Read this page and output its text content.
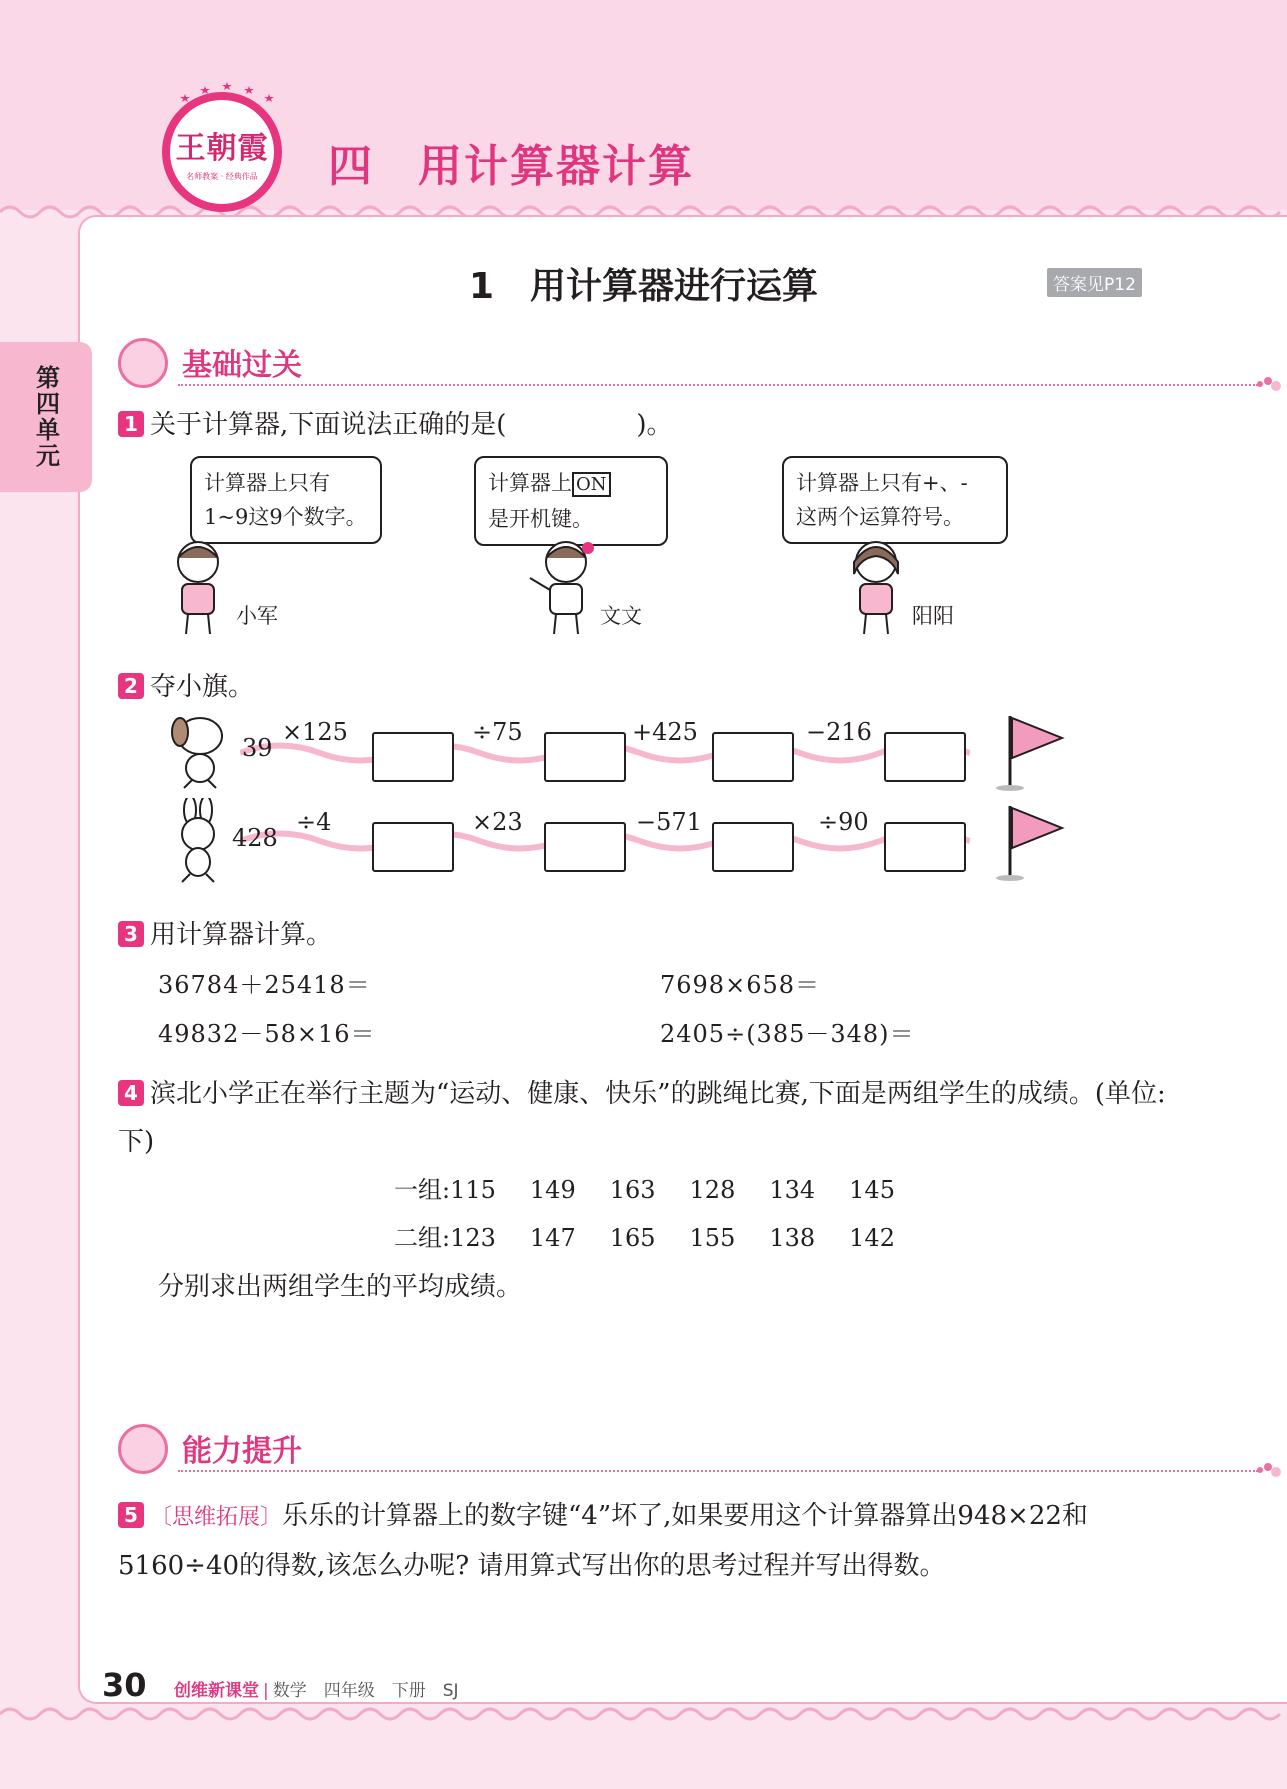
王朝霞
名师教案 · 经典作品 四 用计算器计算
1　用计算器进行运算	答案见P12
第四单元	基础过关
1 关于计算器,下面说法正确的是(　　　　　)。
计算器上只有
1~9这9个数字。
小军
计算器上 ON
是开机键。
文文
计算器上只有+、-
这两个运算符号。
阳阳
2 夺小旗。
39
×125	÷75	+425	−216
428
÷4	×23	−571	÷90
3 用计算器计算。
36784＋25418＝	7698×658＝
49832－58×16＝	2405÷(385－348)＝
4 滨北小学正在举行主题为“运动、健康、快乐”的跳绳比赛,下面是两组学生的成绩。(单位:下)
一组:115 149 163 128 134 145
二组:123 147 165 155 138 142
分别求出两组学生的平均成绩。
能力提升
5 〔思维拓展〕乐乐的计算器上的数字键“4”坏了,如果要用这个计算器算出948×22和5160÷40的得数,该怎么办呢? 请用算式写出你的思考过程并写出得数。
30 创维新课堂 | 数学　四年级　下册　SJ
